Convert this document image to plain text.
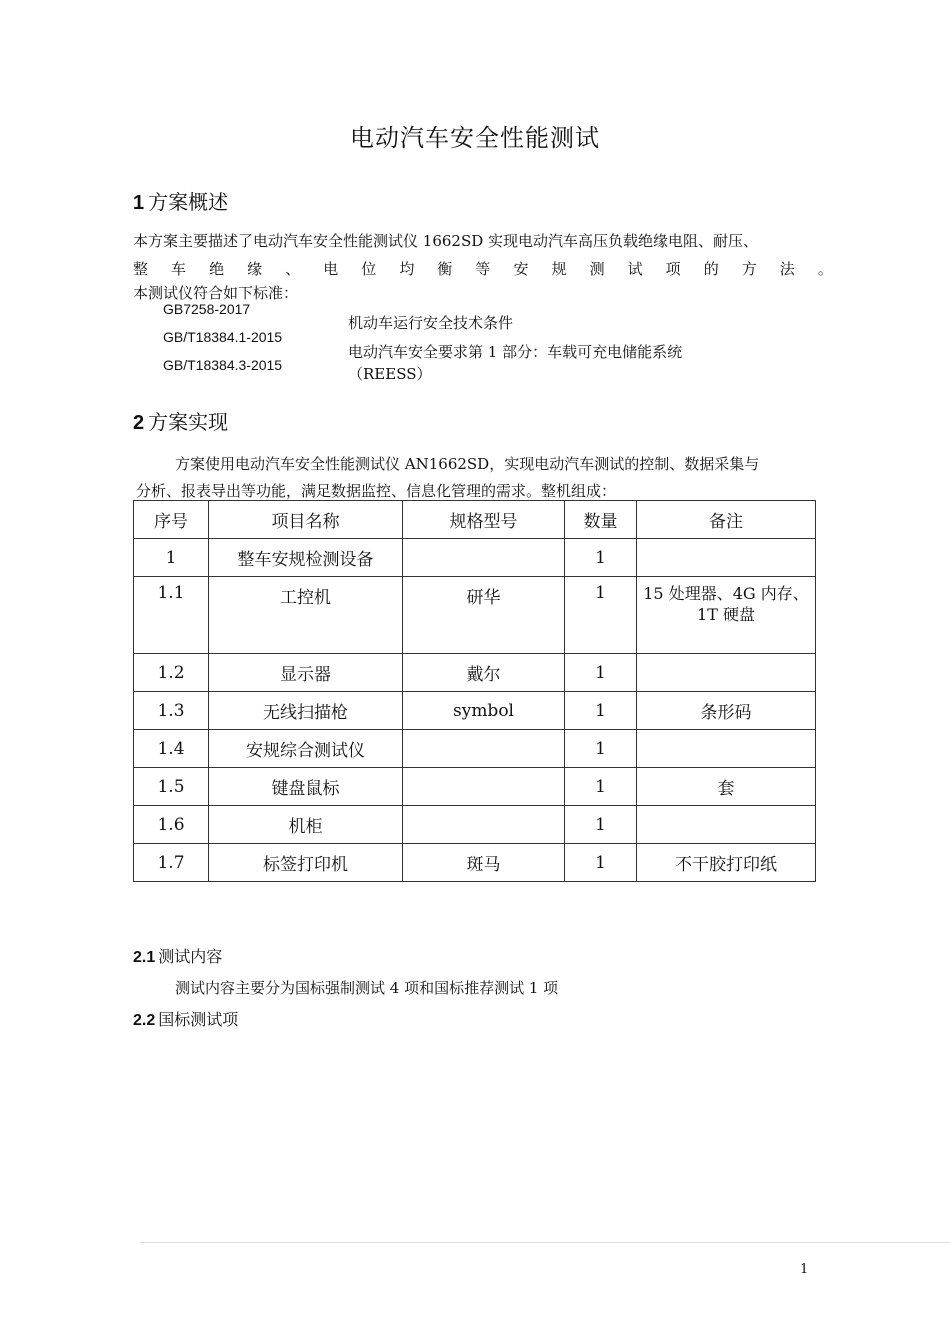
电动汽车安全性能测试
1 方案概述
本方案主要描述了电动汽车安全性能测试仪 1662SD 实现电动汽车高压负载绝缘电阻、耐压、
整 车 绝 缘 、 电 位 均 衡 等 安 规 测 试 项 的 方 法 。
本测试仪符合如下标准：
GB7258-2017
GB/T18384.1-2015
GB/T18384.3-2015
机动车运行安全技术条件
电动汽车安全要求第 1 部分：车载可充电储能系统
（REESS）
2 方案实现
方案使用电动汽车安全性能测试仪 AN1662SD，实现电动汽车测试的控制、数据采集与
分析、报表导出等功能，满足数据监控、信息化管理的需求。整机组成：
序号	项目名称	规格型号	数量	备注
1	整车安规检测设备		1	
1.1	工控机	研华	1	15 处理器、4G 内存、1T 硬盘

1.2	显示器	戴尔	1	
1.3	无线扫描枪	symbol	1	条形码
1.4	安规综合测试仪		1	
1.5	键盘鼠标		1	套
1.6	机柜		1	
1.7	标签打印机	斑马	1	不干胶打印纸
2.1 测试内容
测试内容主要分为国标强制测试 4 项和国标推荐测试 1 项
2.2 国标测试项
1
